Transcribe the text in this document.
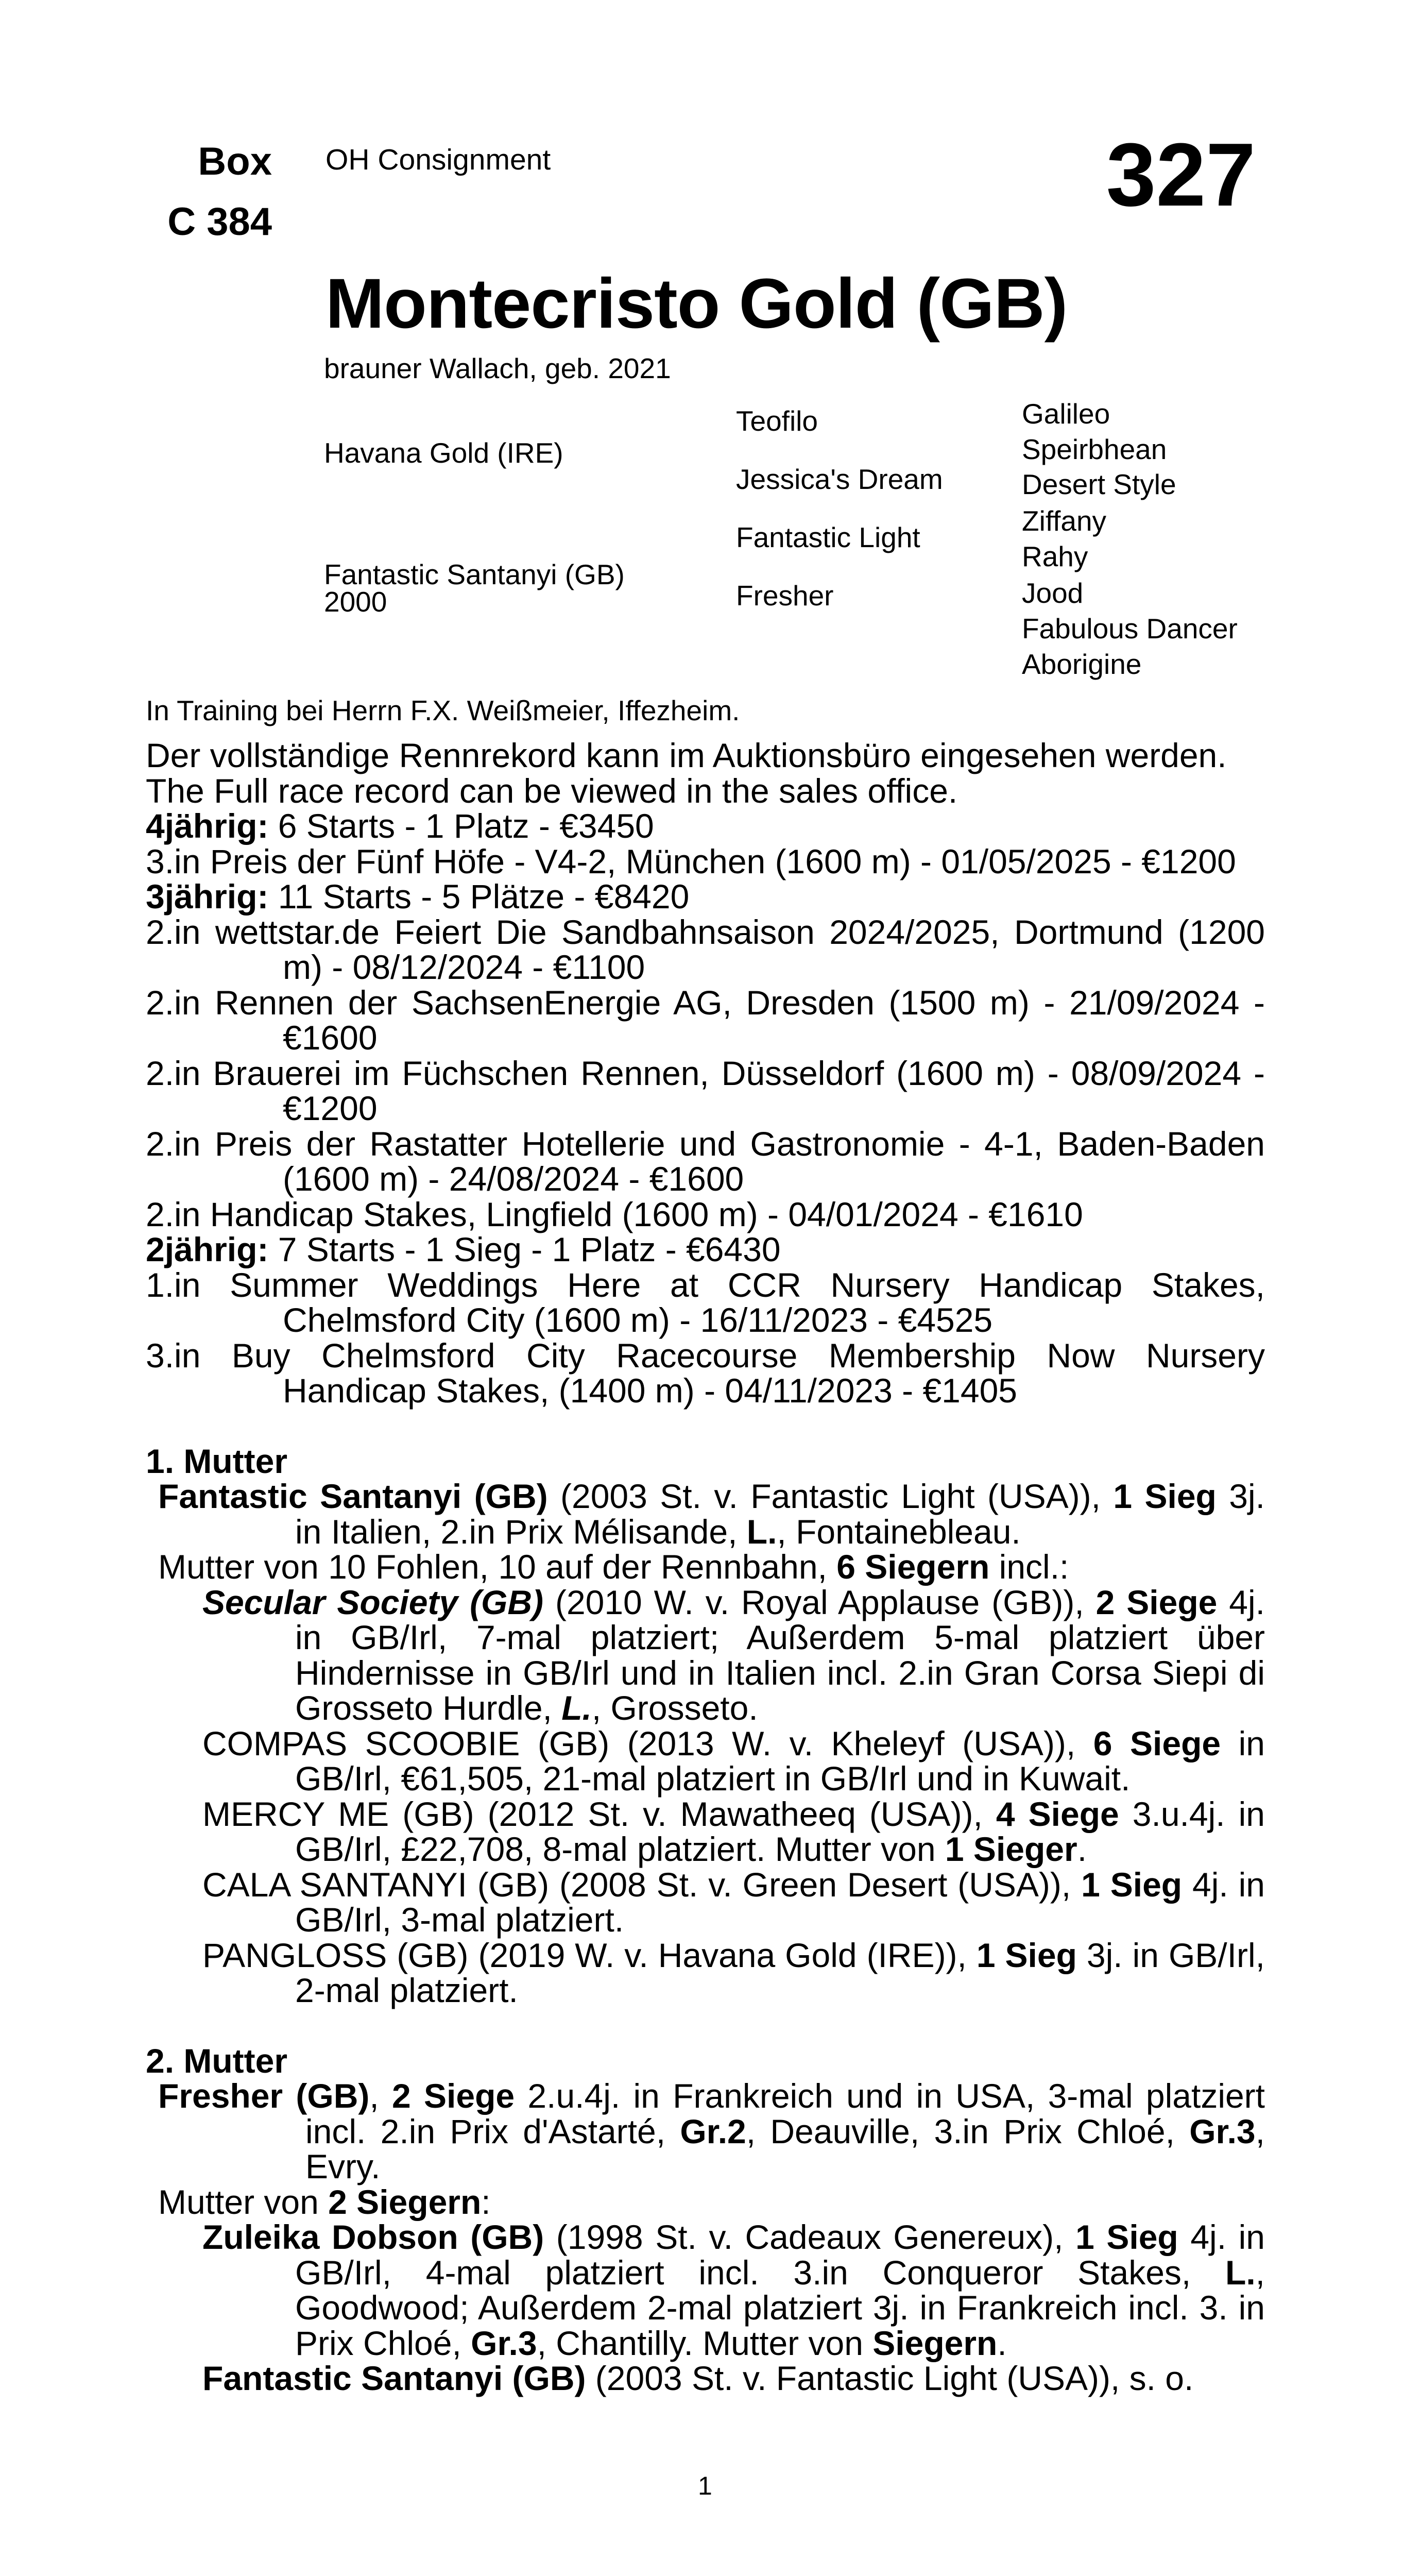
Box
C 384
OH Consignment	327
Montecristo Gold (GB)
brauner Wallach, geb. 2021
Havana Gold (IRE)
Fantastic Santanyi (GB)
2000
Teofilo
Jessica's Dream
Fantastic Light
Fresher
Galileo
Speirbhean
Desert Style
Ziffany
Rahy
Jood
Fabulous Dancer
Aborigine
In Training bei Herrn F.X. Weißmeier, Iffezheim.
Der vollständige Rennrekord kann im Auktionsbüro eingesehen werden.
The Full race record can be viewed in the sales office.
4jährig: 6 Starts - 1 Platz - €3450
3.in Preis der Fünf Höfe - V4-2, München (1600 m) - 01/05/2025 - €1200
3jährig: 11 Starts - 5 Plätze - €8420
2.in wettstar.de Feiert Die Sandbahnsaison 2024/2025, Dortmund (1200 m) - 08/12/2024 - €1100
2.in Rennen der SachsenEnergie AG, Dresden (1500 m) - 21/09/2024 - €1600
2.in Brauerei im Füchschen Rennen, Düsseldorf (1600 m) - 08/09/2024 - €1200
2.in Preis der Rastatter Hotellerie und Gastronomie - 4-1, Baden-Baden (1600 m) - 24/08/2024 - €1600
2.in Handicap Stakes, Lingfield (1600 m) - 04/01/2024 - €1610
2jährig: 7 Starts - 1 Sieg - 1 Platz - €6430
1.in Summer Weddings Here at CCR Nursery Handicap Stakes, Chelmsford City (1600 m) - 16/11/2023 - €4525
3.in Buy Chelmsford City Racecourse Membership Now Nursery Handicap Stakes, (1400 m) - 04/11/2023 - €1405
1. Mutter
Fantastic Santanyi (GB) (2003 St. v. Fantastic Light (USA)), 1 Sieg 3j. in Italien, 2.in Prix Mélisande, L., Fontainebleau.
Mutter von 10 Fohlen, 10 auf der Rennbahn, 6 Siegern incl.:
Secular Society (GB) (2010 W. v. Royal Applause (GB)), 2 Siege 4j. in GB/Irl, 7-mal platziert; Außerdem 5-mal platziert über Hindernisse in GB/Irl und in Italien incl. 2.in Gran Corsa Siepi di Grosseto Hurdle, L., Grosseto.
COMPAS SCOOBIE (GB) (2013 W. v. Kheleyf (USA)), 6 Siege in GB/Irl, €61,505, 21-mal platziert in GB/Irl und in Kuwait.
MERCY ME (GB) (2012 St. v. Mawatheeq (USA)), 4 Siege 3.u.4j. in GB/Irl, £22,708, 8-mal platziert. Mutter von 1 Sieger.
CALA SANTANYI (GB) (2008 St. v. Green Desert (USA)), 1 Sieg 4j. in GB/Irl, 3-mal platziert.
PANGLOSS (GB) (2019 W. v. Havana Gold (IRE)), 1 Sieg 3j. in GB/Irl, 2-mal platziert.
2. Mutter
Fresher (GB), 2 Siege 2.u.4j. in Frankreich und in USA, 3-mal platziert incl. 2.in Prix d'Astarté, Gr.2, Deauville, 3.in Prix Chloé, Gr.3, Evry.
Mutter von 2 Siegern:
Zuleika Dobson (GB) (1998 St. v. Cadeaux Genereux), 1 Sieg 4j. in GB/Irl, 4-mal platziert incl. 3.in Conqueror Stakes, L., Goodwood; Außerdem 2-mal platziert 3j. in Frankreich incl. 3. in Prix Chloé, Gr.3, Chantilly. Mutter von Siegern.
Fantastic Santanyi (GB) (2003 St. v. Fantastic Light (USA)), s. o.
1
